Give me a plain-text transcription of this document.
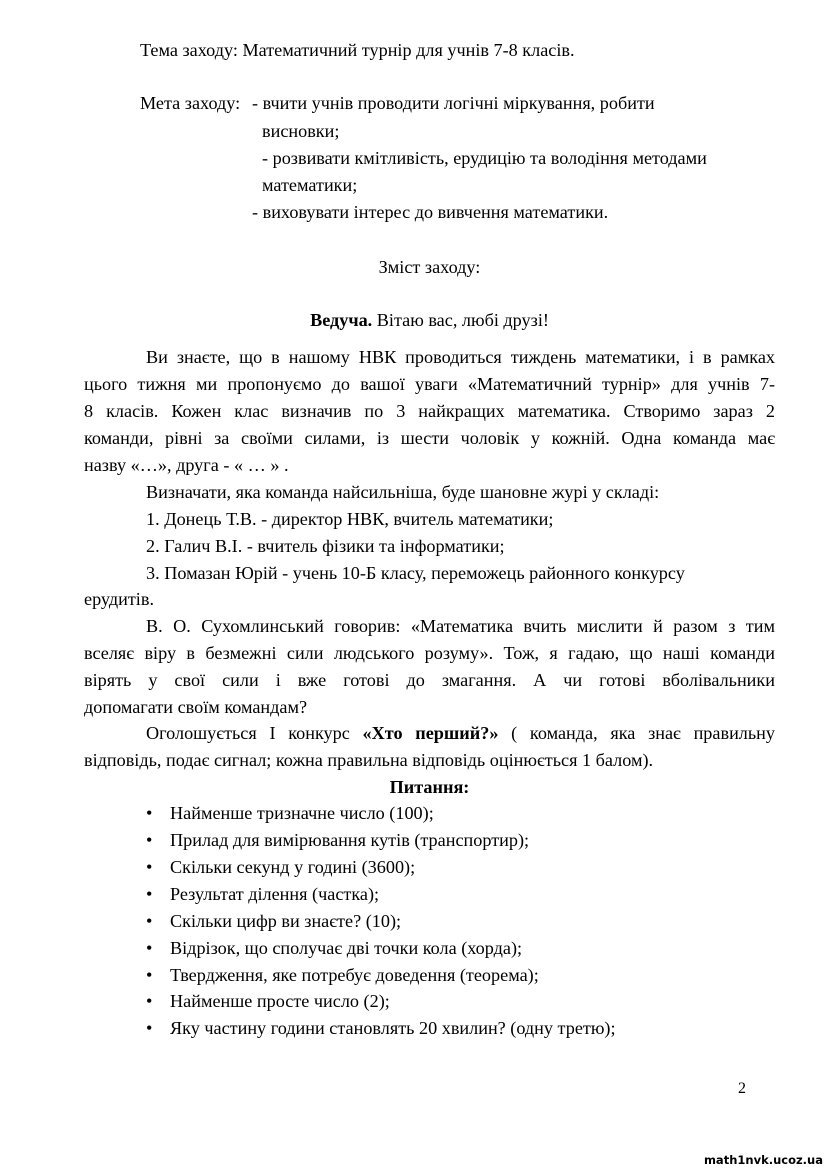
Тема заходу: Математичний турнір для учнів 7-8 класів.
Мета заходу: - вчити учнів проводити логічні міркування, робити
висновки;
- розвивати кмітливість, ерудицію та володіння методами
математики;
- виховувати інтерес до вивчення математики.
Зміст заходу:
Ведуча. Вітаю вас, любі друзі!
Ви знаєте, що в нашому НВК проводиться тиждень математики, і в рамках
цього тижня ми пропонуємо до вашої уваги «Математичний турнір» для учнів 7-
8 класів. Кожен клас визначив по 3 найкращих математика. Створимо зараз 2
команди, рівні за своїми силами, із шести чоловік у кожній. Одна команда має
назву «…», друга - « … » .
Визначати, яка команда найсильніша, буде шановне журі у складі:
1. Донець Т.В. - директор НВК, вчитель математики;
2. Галич В.І. - вчитель фізики та інформатики;
3. Помазан Юрій - учень 10-Б класу, переможець районного конкурсу
ерудитів.
В. О. Сухомлинський говорив: «Математика вчить мислити й разом з тим
вселяє віру в безмежні сили людського розуму». Тож, я гадаю, що наші команди
вірять у свої сили і вже готові до змагання. А чи готові вболівальники
допомагати своїм командам?
Оголошується І конкурс «Хто перший?» ( команда, яка знає правильну
відповідь, подає сигнал; кожна правильна відповідь оцінюється 1 балом).
Питання:
• Найменше тризначне число (100);
• Прилад для вимірювання кутів (транспортир);
• Скільки секунд у годині (3600);
• Результат ділення (частка);
• Скільки цифр ви знаєте? (10);
• Відрізок, що сполучає дві точки кола (хорда);
• Твердження, яке потребує доведення (теорема);
• Найменше просте число (2);
• Яку частину години становлять 20 хвилин? (одну третю);
2
math1nvk.ucoz.ua
